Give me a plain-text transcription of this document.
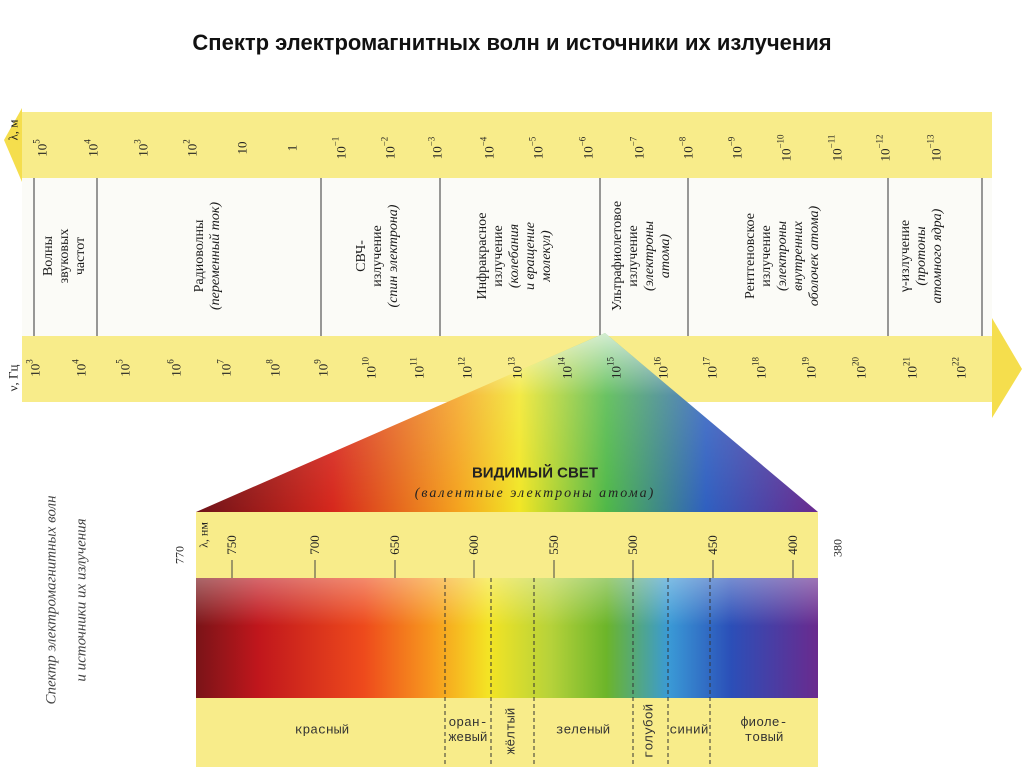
Спектр электромагнитных волн и источники их излучения
λ, м
ν, Гц
$10^5$
$10^4$
$10^3$
$10^2$	10	1	$10^{-1}$
$10^{-2}$
$10^{-3}$
$10^{-4}$
$10^{-5}$
$10^{-6}$
$10^{-7}$
$10^{-8}$
$10^{-9}$
$10^{-10}$
$10^{-11}$
$10^{-12}$
$10^{-13}$
$10^3$
$10^4$
$10^5$
$10^6$
$10^7$
$10^8$
$10^9$
$10^{10}$
$10^{11}$
$10^{12}$
$10^{13}$
$10^{14}$
$10^{15}$
$10^{16}$
$10^{17}$
$10^{18}$
$10^{19}$
$10^{20}$
$10^{21}$
$10^{22}$
Волны звуковых частот	Радиоволны (переменный ток)	СВЧ- излучение (спин электрона)	Инфракрасное излучение (колебания и вращение молекул)	Ультрафиолетовое излучение (электроны атома)	Рентгеновское излучение (электроны внутренних оболочек атома)	γ-излучение (протоны атомного ядра)
ВИДИМЫЙ СВЕТ
(валентные электроны атома)
λ, нм
770	380
750	700	650	600	550	500	450	400
красный	оран-
жевый жёлтый	зеленый голубой синий фиоле-
товый
Спектр электромагнитных волн и источники их излучения
